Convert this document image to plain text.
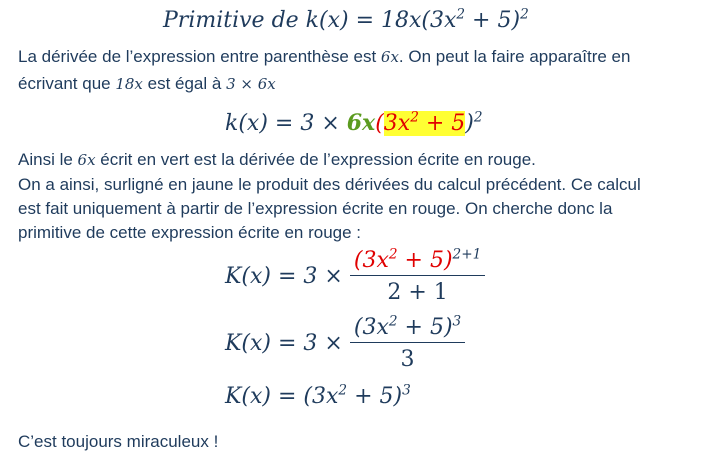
Primitive de $k(x) = 18x(3x^2 + 5)^2$
La dérivée de l’expression entre parenthèse est 6x. On peut la faire apparaître en
écrivant que 18x est égal à 3 × 6x
$k(x) = 3 \times 6x(3x^2 + 5)^2$
Ainsi le 6x écrit en vert est la dérivée de l’expression écrite en rouge.
On a ainsi, surligné en jaune le produit des dérivées du calcul précédent. Ce calcul
est fait uniquement à partir de l’expression écrite en rouge. On cherche donc la
primitive de cette expression écrite en rouge :
$K(x) = 3 \times \frac{(3x^2 + 5)^{2+1}}{2 + 1}$
$K(x) = 3 \times \frac{(3x^2 + 5)^3}{3}$
$K(x) = (3x^2 + 5)^3$
C’est toujours miraculeux !
